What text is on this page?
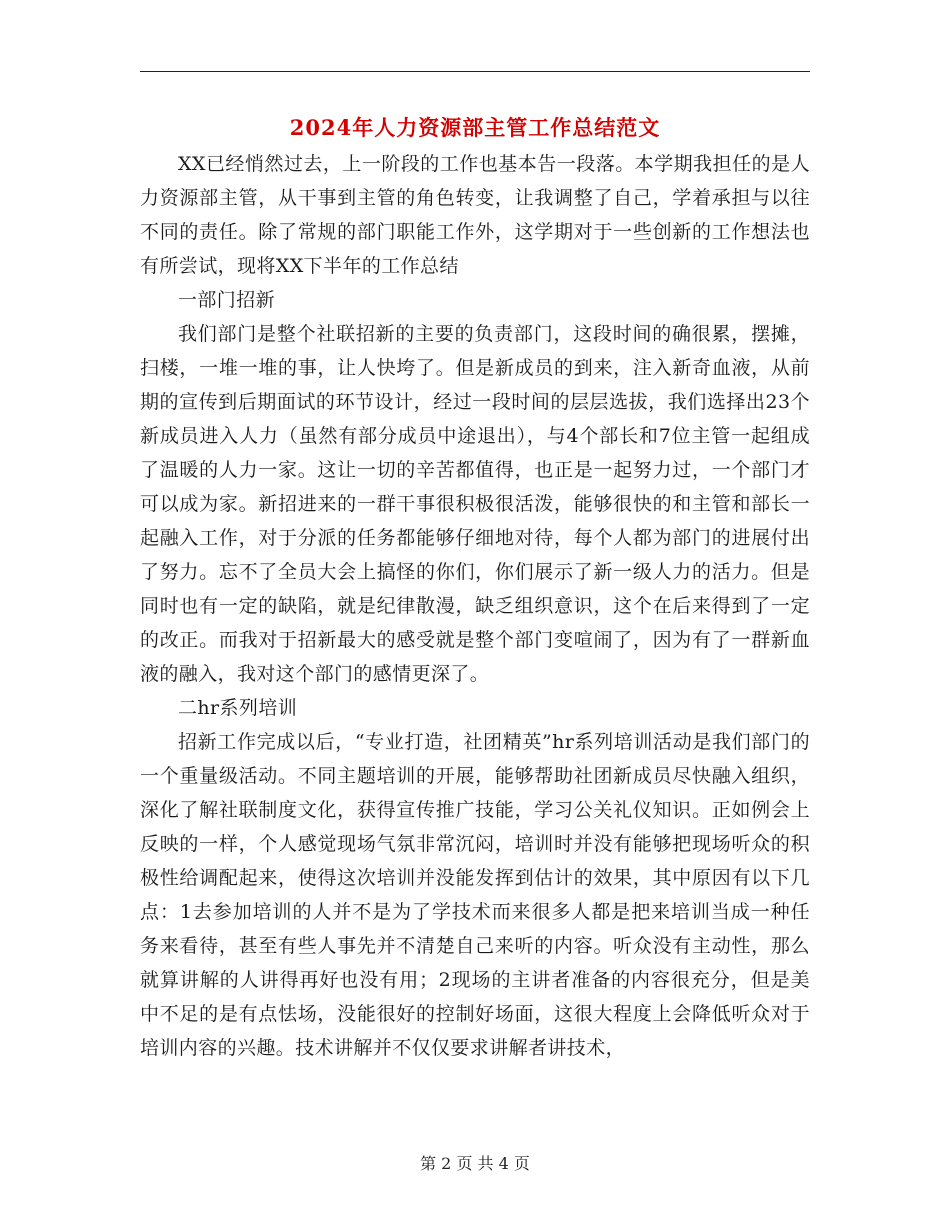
2024年人力资源部主管工作总结范文

XX已经悄然过去，上一阶段的工作也基本告一段落。本学期我担任的是人力资源部主管，从干事到主管的角色转变，让我调整了自己，学着承担与以往不同的责任。除了常规的部门职能工作外，这学期对于一些创新的工作想法也有所尝试，现将XX下半年的工作总结

一部门招新

我们部门是整个社联招新的主要的负责部门，这段时间的确很累，摆摊，扫楼，一堆一堆的事，让人快垮了。但是新成员的到来，注入新奇血液，从前期的宣传到后期面试的环节设计，经过一段时间的层层选拔，我们选择出23个新成员进入人力（虽然有部分成员中途退出），与4个部长和7位主管一起组成了温暖的人力一家。这让一切的辛苦都值得，也正是一起努力过，一个部门才可以成为家。新招进来的一群干事很积极很活泼，能够很快的和主管和部长一起融入工作，对于分派的任务都能够仔细地对待，每个人都为部门的进展付出了努力。忘不了全员大会上搞怪的你们，你们展示了新一级人力的活力。但是同时也有一定的缺陷，就是纪律散漫，缺乏组织意识，这个在后来得到了一定的改正。而我对于招新最大的感受就是整个部门变喧闹了，因为有了一群新血液的融入，我对这个部门的感情更深了。

二hr系列培训

招新工作完成以后，“专业打造，社团精英”hr系列培训活动是我们部门的一个重量级活动。不同主题培训的开展，能够帮助社团新成员尽快融入组织，深化了解社联制度文化，获得宣传推广技能，学习公关礼仪知识。正如例会上反映的一样，个人感觉现场气氛非常沉闷，培训时并没有能够把现场听众的积极性给调配起来，使得这次培训并没能发挥到估计的效果，其中原因有以下几点：1去参加培训的人并不是为了学技术而来很多人都是把来培训当成一种任务来看待，甚至有些人事先并不清楚自己来听的内容。听众没有主动性，那么就算讲解的人讲得再好也没有用；2现场的主讲者准备的内容很充分，但是美中不足的是有点怯场，没能很好的控制好场面，这很大程度上会降低听众对于培训内容的兴趣。技术讲解并不仅仅要求讲解者讲技术，

第 2 页 共 4 页
